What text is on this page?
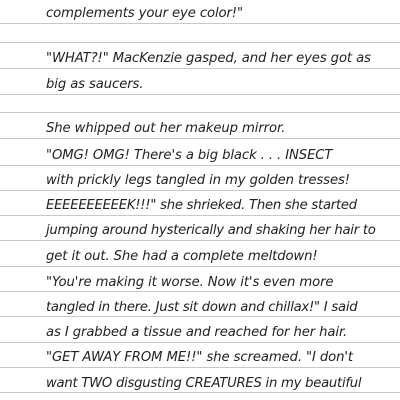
complements your eye color!"
"WHAT?!" MacKenzie gasped, and her eyes got as
big as saucers.
She whipped out her makeup mirror.
"OMG! OMG! There's a big black . . . INSECT
with prickly legs tangled in my golden tresses!
EEEEEEEEEEK!!!" she shrieked. Then she started
jumping around hysterically and shaking her hair to
get it out. She had a complete meltdown!
"You're making it worse. Now it's even more
tangled in there. Just sit down and chillax!" I said
as I grabbed a tissue and reached for her hair.
"GET AWAY FROM ME!!" she screamed. "I don't
want TWO disgusting CREATURES in my beautiful
